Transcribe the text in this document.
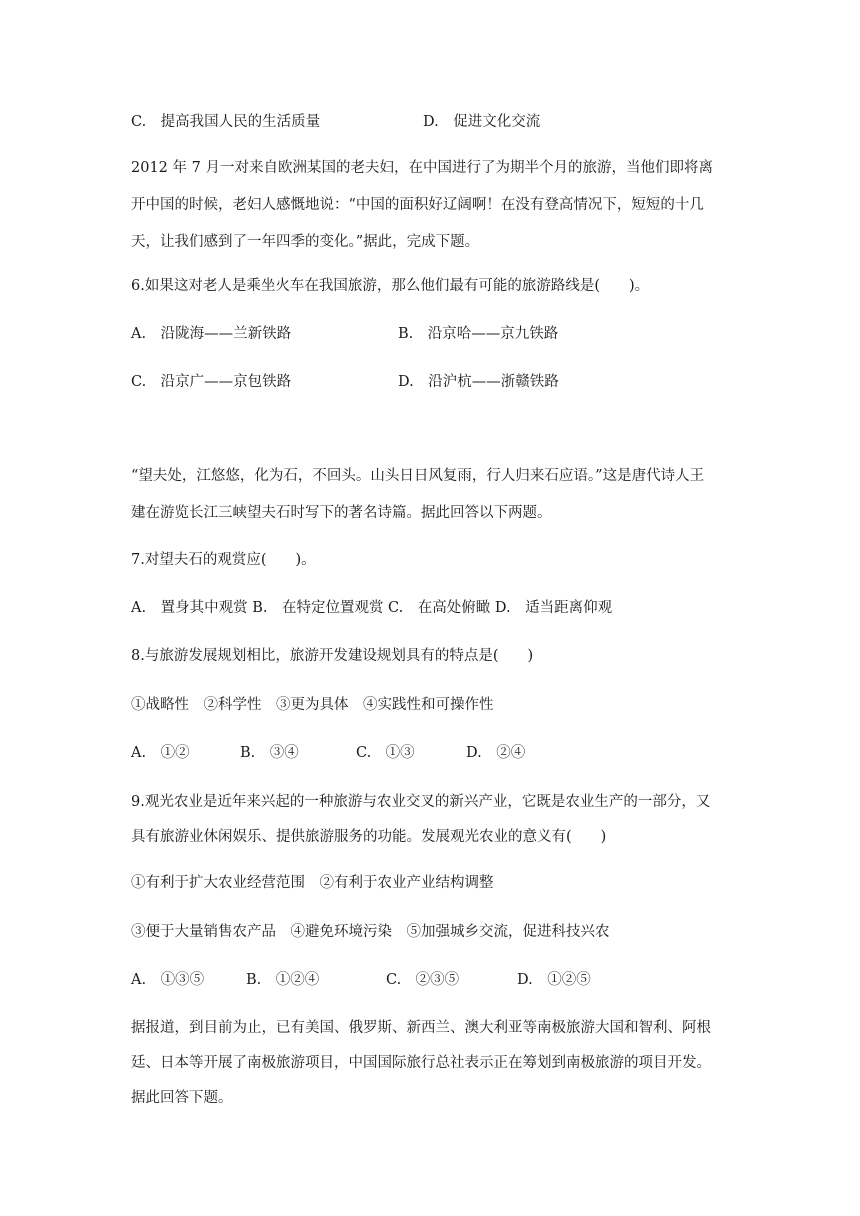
C.　提高我国人民的生活质量	D.　促进文化交流
2012 年 7 月一对来自欧洲某国的老夫妇，在中国进行了为期半个月的旅游，当他们即将离
开中国的时候，老妇人感慨地说：“中国的面积好辽阔啊！在没有登高情况下，短短的十几
天，让我们感到了一年四季的变化。”据此，完成下题。
6.如果这对老人是乘坐火车在我国旅游，那么他们最有可能的旅游路线是(　　)。
A.　沿陇海——兰新铁路	B.　沿京哈——京九铁路
C.　沿京广——京包铁路	D.　沿沪杭——浙赣铁路
“望夫处，江悠悠，化为石，不回头。山头日日风复雨，行人归来石应语。”这是唐代诗人王
建在游览长江三峡望夫石时写下的著名诗篇。据此回答以下两题。
7.对望夫石的观赏应(　　)。
A.　置身其中观赏 B.　在特定位置观赏 C.　在高处俯瞰 D.　适当距离仰观
8.与旅游发展规划相比，旅游开发建设规划具有的特点是(　　)
①战略性　②科学性　③更为具体　④实践性和可操作性
A.　①②	B.　③④	C.　①③	D.　②④
9.观光农业是近年来兴起的一种旅游与农业交叉的新兴产业，它既是农业生产的一部分，又
具有旅游业休闲娱乐、提供旅游服务的功能。发展观光农业的意义有(　　)
①有利于扩大农业经营范围　②有利于农业产业结构调整
③便于大量销售农产品　④避免环境污染　⑤加强城乡交流，促进科技兴农
A.　①③⑤	B.　①②④	C.　②③⑤	D.　①②⑤
据报道，到目前为止，已有美国、俄罗斯、新西兰、澳大利亚等南极旅游大国和智利、阿根
廷、日本等开展了南极旅游项目，中国国际旅行总社表示正在筹划到南极旅游的项目开发。
据此回答下题。
